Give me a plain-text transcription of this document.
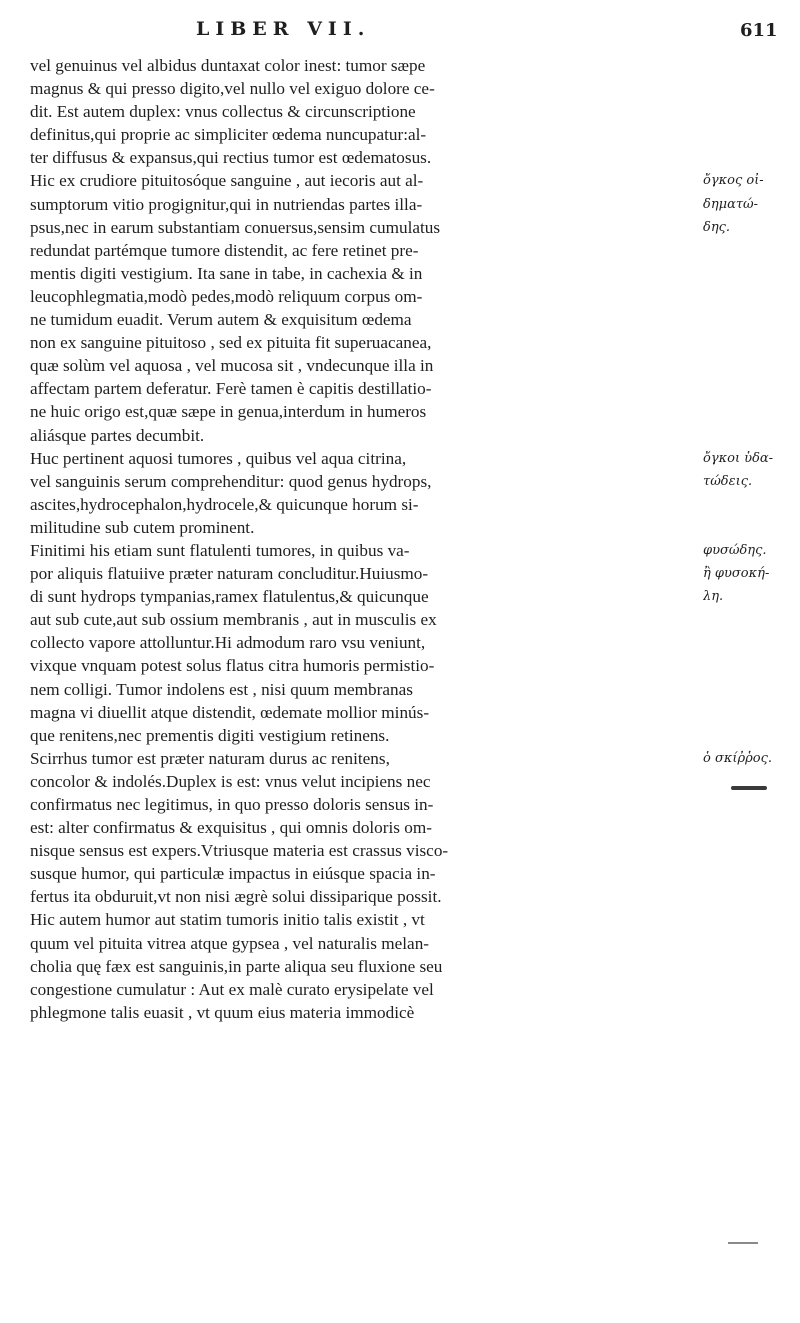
LIBER VII.	611
vel genuinus vel albidus duntaxat color inest: tumor sæpe
magnus & qui presso digito,vel nullo vel exiguo dolore ce-
dit. Est autem duplex: vnus collectus & circunscriptione
definitus,qui proprie ac simpliciter œdema nuncupatur:al-
ter diffusus & expansus,qui rectius tumor est œdematosus.
Hic ex crudiore pituitosóque sanguine , aut iecoris aut al-
sumptorum vitio progignitur,qui in nutriendas partes illa-
psus,nec in earum substantiam conuersus,sensim cumulatus
redundat partémque tumore distendit, ac fere retinet pre-
mentis digiti vestigium. Ita sane in tabe, in cachexia & in
leucophlegmatia,modò pedes,modò reliquum corpus om-
ne tumidum euadit. Verum autem & exquisitum œdema
non ex sanguine pituitoso , sed ex pituita fit superuacanea,
quæ solùm vel aquosa , vel mucosa sit , vndecunque illa in
affectam partem deferatur. Ferè tamen è capitis destillatio-
ne huic origo est,quæ sæpe in genua,interdum in humeros
aliásque partes decumbit.
Huc pertinent aquosi tumores , quibus vel aqua citrina,
vel sanguinis serum comprehenditur: quod genus hydrops,
ascites,hydrocephalon,hydrocele,& quicunque horum si-
militudine sub cutem prominent.
Finitimi his etiam sunt flatulenti tumores, in quibus va-
por aliquis flatuiive præter naturam concluditur.Huiusmo-
di sunt hydrops tympanias,ramex flatulentus,& quicunque
aut sub cute,aut sub ossium membranis , aut in musculis ex
collecto vapore attolluntur.Hi admodum raro vsu veniunt,
vixque vnquam potest solus flatus citra humoris permistio-
nem colligi. Tumor indolens est , nisi quum membranas
magna vi diuellit atque distendit, œdemate mollior minús-
que renitens,nec prementis digiti vestigium retinens.
Scirrhus tumor est præter naturam durus ac renitens,
concolor & indolés.Duplex is est: vnus velut incipiens nec
confirmatus nec legitimus, in quo presso doloris sensus in-
est: alter confirmatus & exquisitus , qui omnis doloris om-
nisque sensus est expers.Vtriusque materia est crassus visco-
susque humor, qui particulæ impactus in eiúsque spacia in-
fertus ita obduruit,vt non nisi ægrè solui dissiparique possit.
Hic autem humor aut statim tumoris initio talis existit , vt
quum vel pituita vitrea atque gypsea , vel naturalis melan-
cholia quę fæx est sanguinis,in parte aliqua seu fluxione seu
congestione cumulatur : Aut ex malè curato erysipelate vel
phlegmone talis euasit , vt quum eius materia immodicè
ὄγκος οἰ-
δηματώ-
δης.
ὄγκοι ὑδα-
τώδεις.
φυσώδης.
ἢ φυσοκή-
λη.
ὁ σκίῤῥος.
